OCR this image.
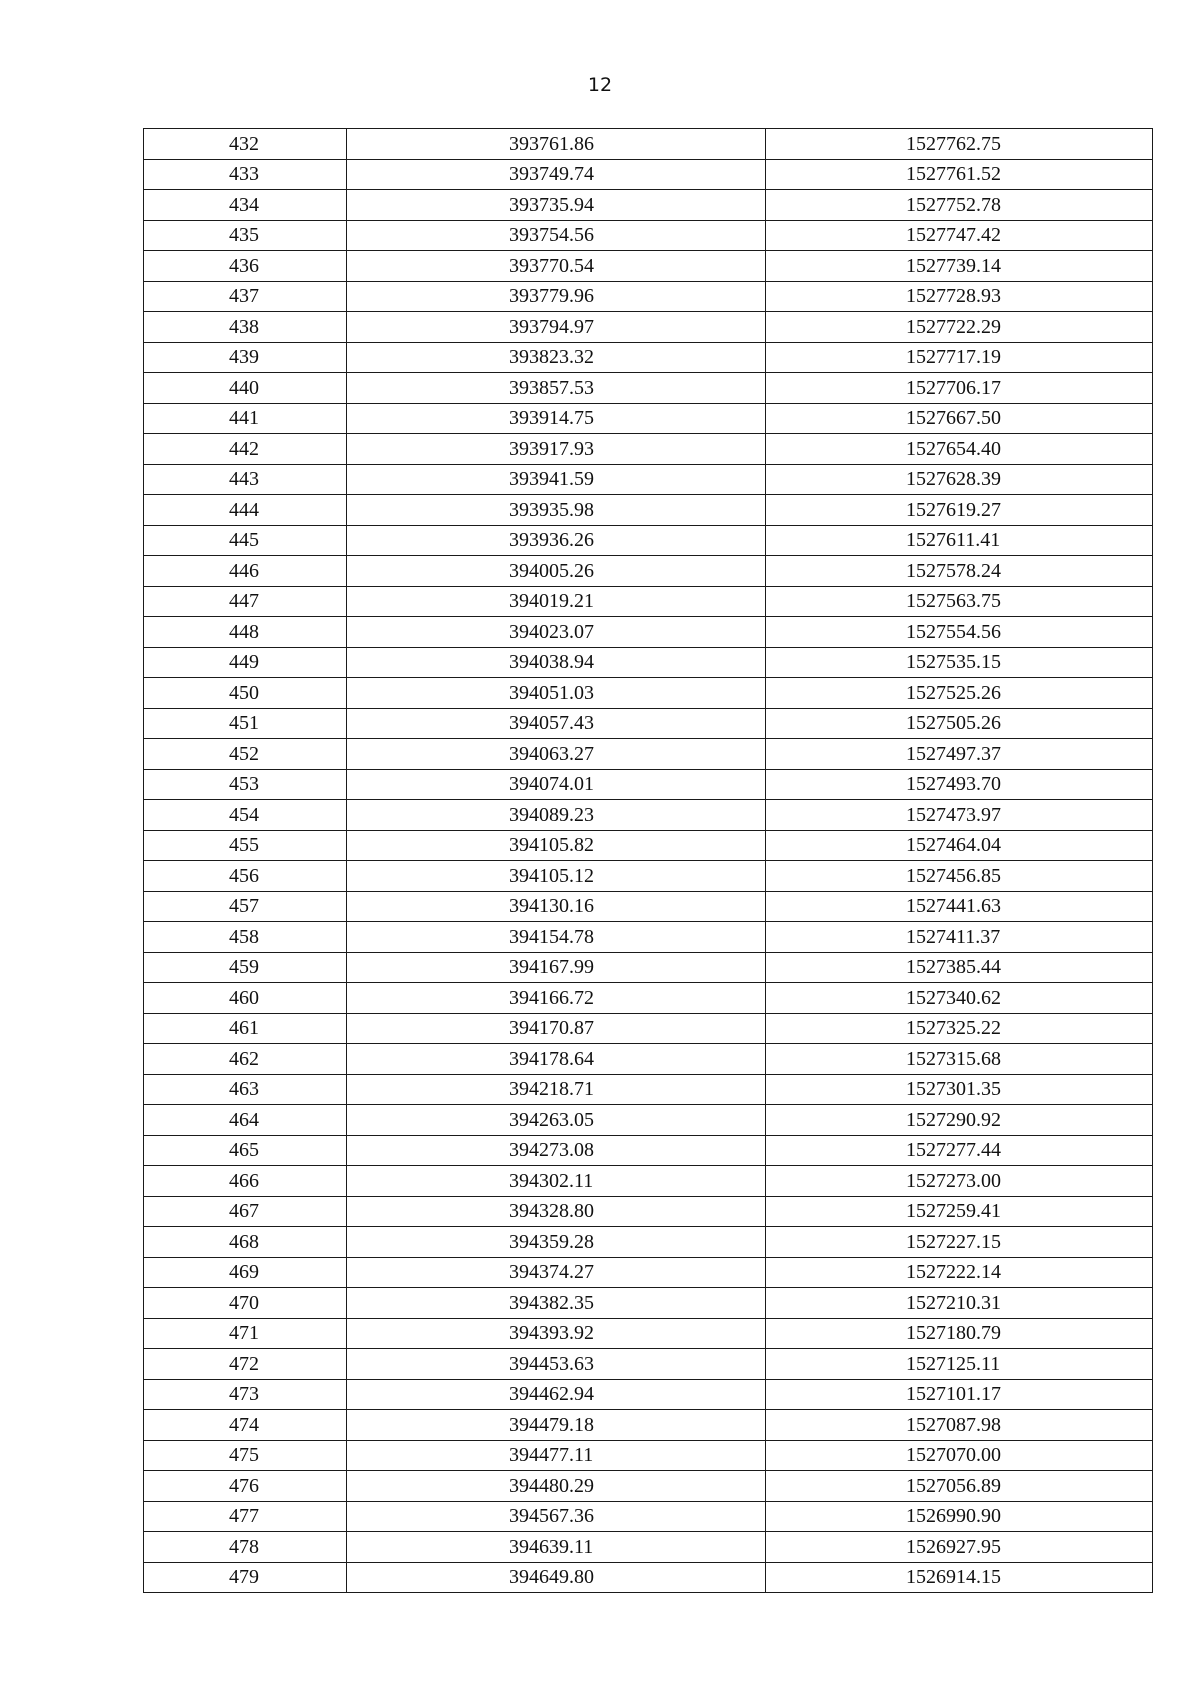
12
432	393761.86	1527762.75
433	393749.74	1527761.52
434	393735.94	1527752.78
435	393754.56	1527747.42
436	393770.54	1527739.14
437	393779.96	1527728.93
438	393794.97	1527722.29
439	393823.32	1527717.19
440	393857.53	1527706.17
441	393914.75	1527667.50
442	393917.93	1527654.40
443	393941.59	1527628.39
444	393935.98	1527619.27
445	393936.26	1527611.41
446	394005.26	1527578.24
447	394019.21	1527563.75
448	394023.07	1527554.56
449	394038.94	1527535.15
450	394051.03	1527525.26
451	394057.43	1527505.26
452	394063.27	1527497.37
453	394074.01	1527493.70
454	394089.23	1527473.97
455	394105.82	1527464.04
456	394105.12	1527456.85
457	394130.16	1527441.63
458	394154.78	1527411.37
459	394167.99	1527385.44
460	394166.72	1527340.62
461	394170.87	1527325.22
462	394178.64	1527315.68
463	394218.71	1527301.35
464	394263.05	1527290.92
465	394273.08	1527277.44
466	394302.11	1527273.00
467	394328.80	1527259.41
468	394359.28	1527227.15
469	394374.27	1527222.14
470	394382.35	1527210.31
471	394393.92	1527180.79
472	394453.63	1527125.11
473	394462.94	1527101.17
474	394479.18	1527087.98
475	394477.11	1527070.00
476	394480.29	1527056.89
477	394567.36	1526990.90
478	394639.11	1526927.95
479	394649.80	1526914.15
